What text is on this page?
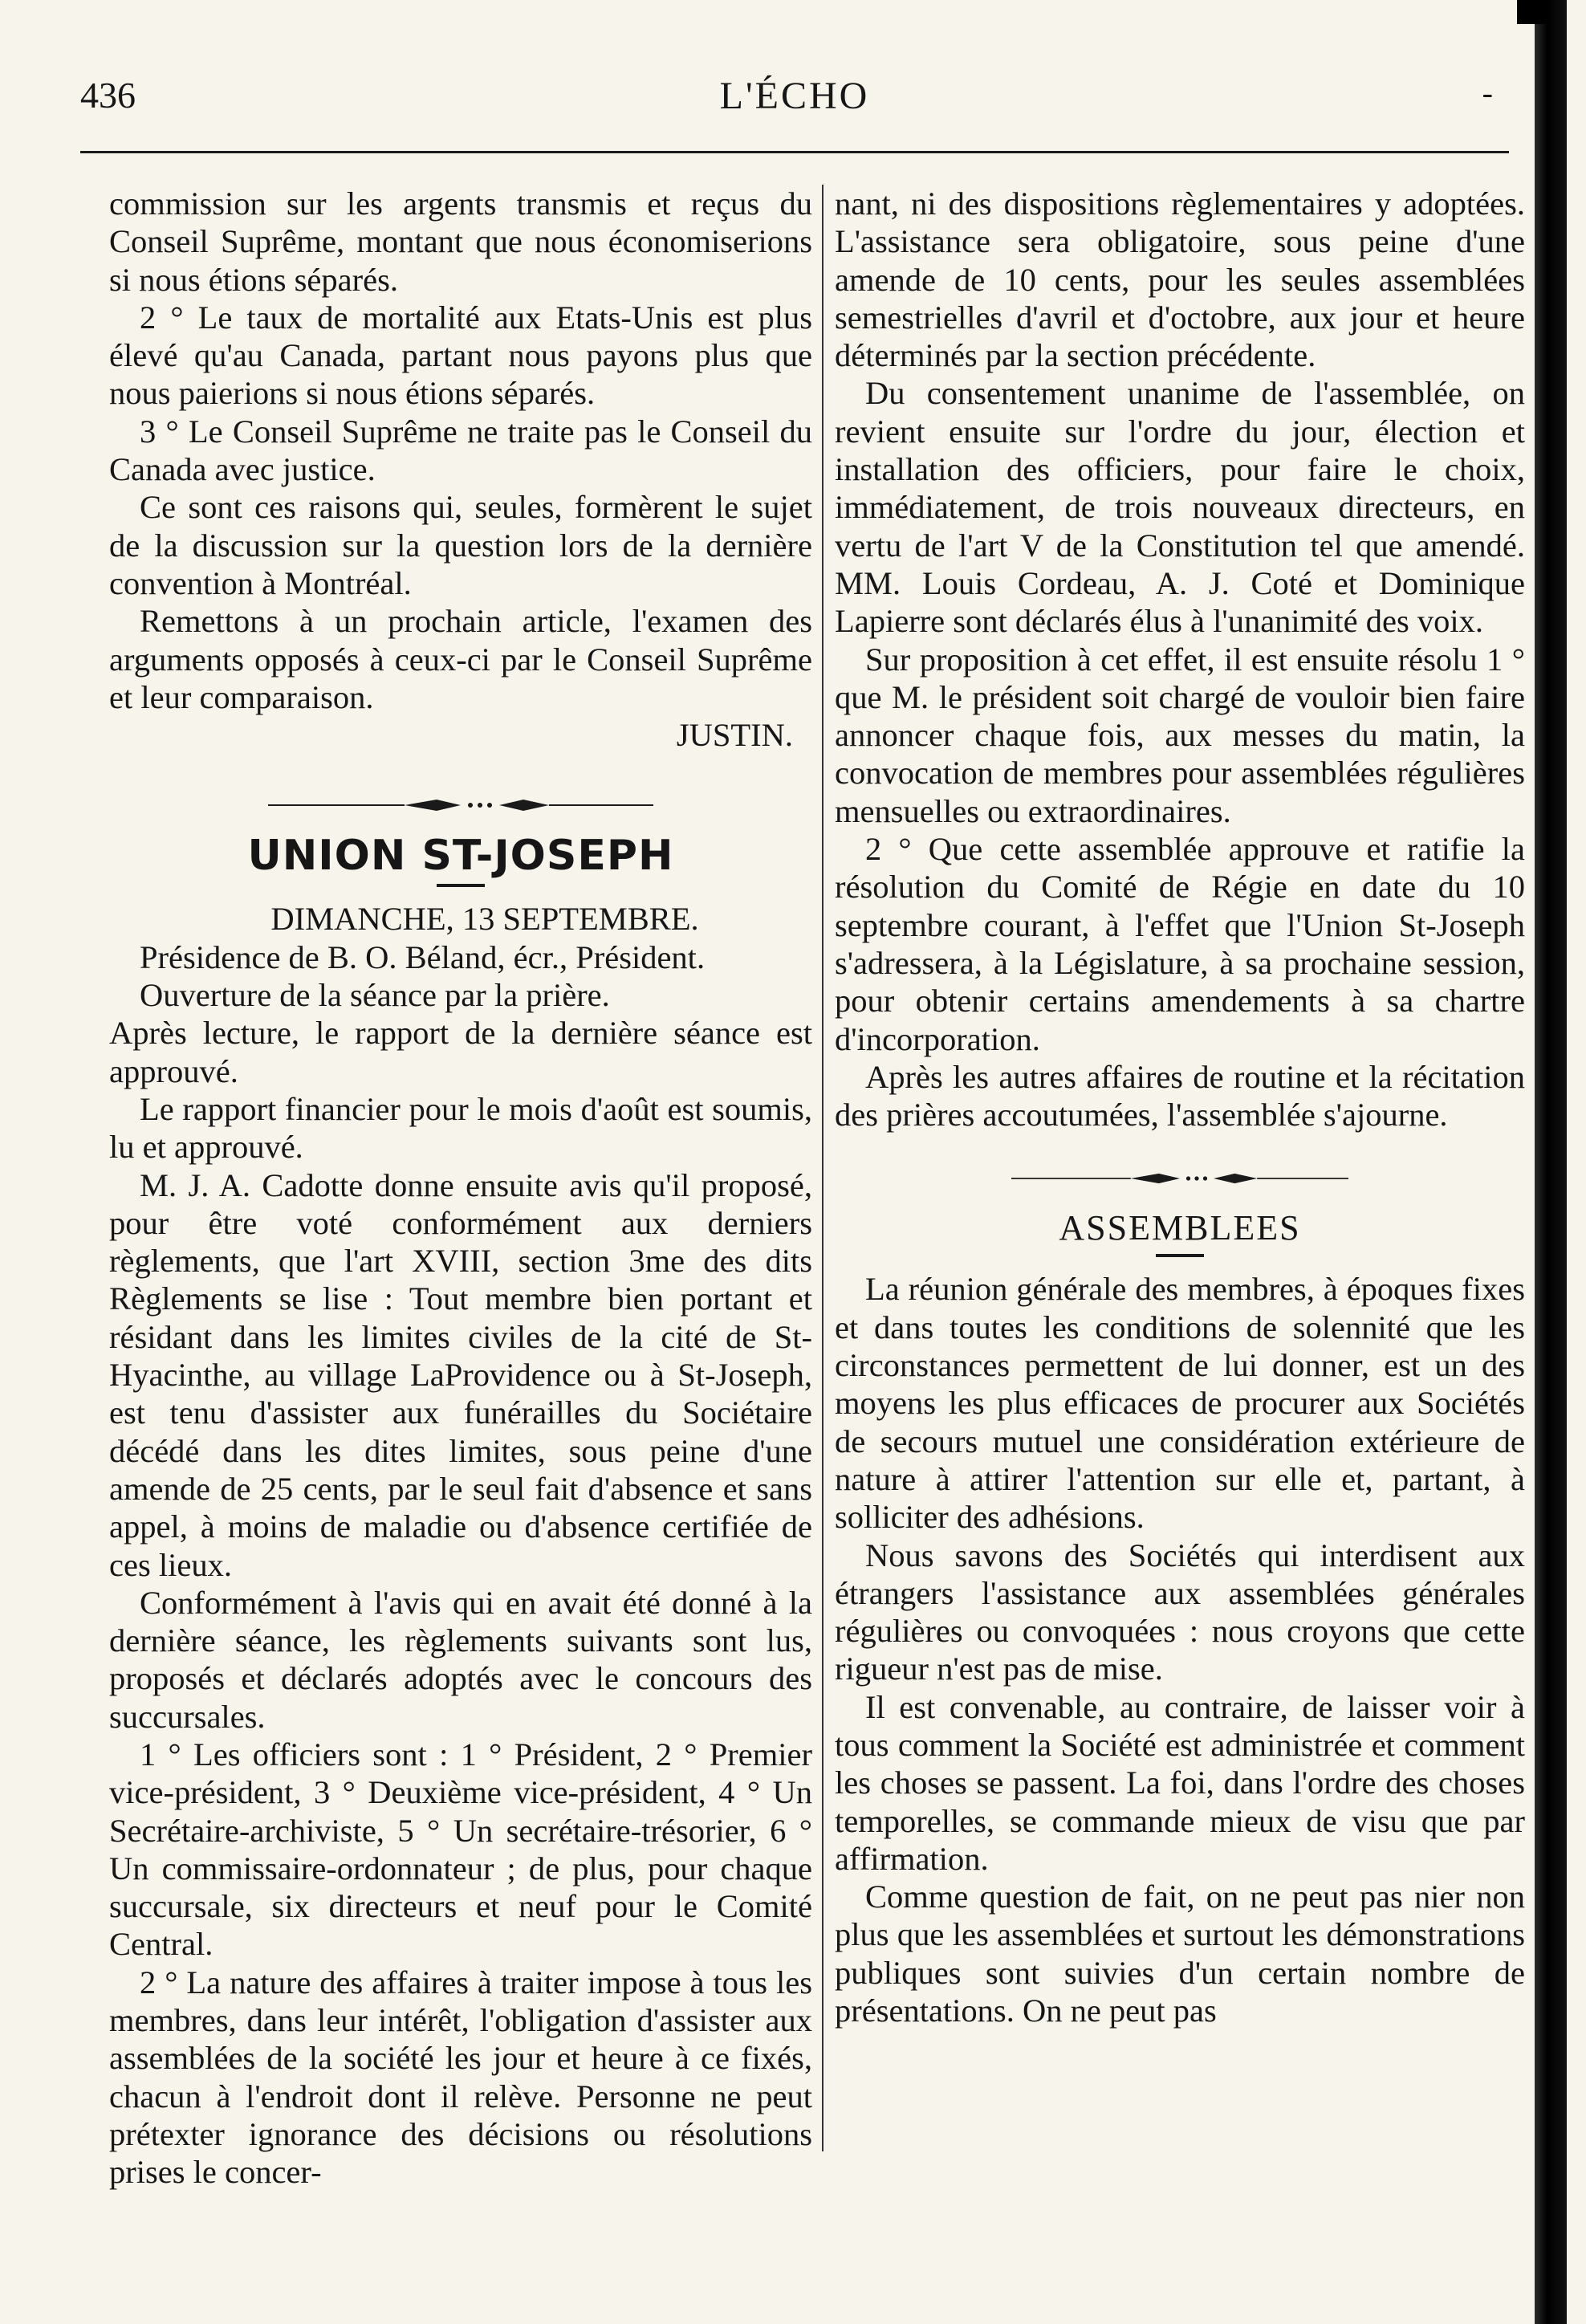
436	L'ÉCHO	-

commission sur les argents transmis et reçus du Conseil Suprême, montant que nous économiserions si nous étions séparés.

2 ° Le taux de mortalité aux Etats-Unis est plus élevé qu'au Canada, partant nous payons plus que nous paierions si nous étions séparés.

3 ° Le Conseil Suprême ne traite pas le Conseil du Canada avec justice.

Ce sont ces raisons qui, seules, formèrent le sujet de la discussion sur la question lors de la dernière convention à Montréal.

Remettons à un prochain article, l'examen des arguments opposés à ceux-ci par le Conseil Suprême et leur comparaison.

JUSTIN.

UNION ST-JOSEPH

DIMANCHE, 13 SEPTEMBRE.

Présidence de B. O. Béland, écr., Président.

Ouverture de la séance par la prière.

Après lecture, le rapport de la dernière séance est approuvé.

Le rapport financier pour le mois d'août est soumis, lu et approuvé.

M. J. A. Cadotte donne ensuite avis qu'il proposé, pour être voté conformément aux derniers règlements, que l'art XVIII, section 3me des dits Règlements se lise : Tout membre bien portant et résidant dans les limites civiles de la cité de St-Hyacinthe, au village LaProvidence ou à St-Joseph, est tenu d'assister aux funérailles du Sociétaire décédé dans les dites limites, sous peine d'une amende de 25 cents, par le seul fait d'absence et sans appel, à moins de maladie ou d'absence certifiée de ces lieux.

Conformément à l'avis qui en avait été donné à la dernière séance, les règlements suivants sont lus, proposés et déclarés adoptés avec le concours des succursales.

1 ° Les officiers sont : 1 ° Président, 2 ° Premier vice-président, 3 ° Deuxième vice-président, 4 ° Un Secrétaire-archiviste, 5 ° Un secrétaire-trésorier, 6 ° Un commissaire-ordonnateur ; de plus, pour chaque succursale, six directeurs et neuf pour le Comité Central.

2 ° La nature des affaires à traiter impose à tous les membres, dans leur intérêt, l'obligation d'assister aux assemblées de la société les jour et heure à ce fixés, chacun à l'endroit dont il relève. Personne ne peut prétexter ignorance des décisions ou résolutions prises le concer-

nant, ni des dispositions règlementaires y adoptées. L'assistance sera obligatoire, sous peine d'une amende de 10 cents, pour les seules assemblées semestrielles d'avril et d'octobre, aux jour et heure déterminés par la section précédente.

Du consentement unanime de l'assemblée, on revient ensuite sur l'ordre du jour, élection et installation des officiers, pour faire le choix, immédiatement, de trois nouveaux directeurs, en vertu de l'art V de la Constitution tel que amendé. MM. Louis Cordeau, A. J. Coté et Dominique Lapierre sont déclarés élus à l'unanimité des voix.

Sur proposition à cet effet, il est ensuite résolu 1 ° que M. le président soit chargé de vouloir bien faire annoncer chaque fois, aux messes du matin, la convocation de membres pour assemblées régulières mensuelles ou extraordinaires.

2 ° Que cette assemblée approuve et ratifie la résolution du Comité de Régie en date du 10 septembre courant, à l'effet que l'Union St-Joseph s'adressera, à la Législature, à sa prochaine session, pour obtenir certains amendements à sa chartre d'incorporation.

Après les autres affaires de routine et la récitation des prières accoutumées, l'assemblée s'ajourne.

ASSEMBLEES

La réunion générale des membres, à époques fixes et dans toutes les conditions de solennité que les circonstances permettent de lui donner, est un des moyens les plus efficaces de procurer aux Sociétés de secours mutuel une considération extérieure de nature à attirer l'attention sur elle et, partant, à solliciter des adhésions.

Nous savons des Sociétés qui interdisent aux étrangers l'assistance aux assemblées générales régulières ou convoquées : nous croyons que cette rigueur n'est pas de mise.

Il est convenable, au contraire, de laisser voir à tous comment la Société est administrée et comment les choses se passent. La foi, dans l'ordre des choses temporelles, se commande mieux de visu que par affirmation.

Comme question de fait, on ne peut pas nier non plus que les assemblées et surtout les démonstrations publiques sont suivies d'un certain nombre de présentations. On ne peut pas
